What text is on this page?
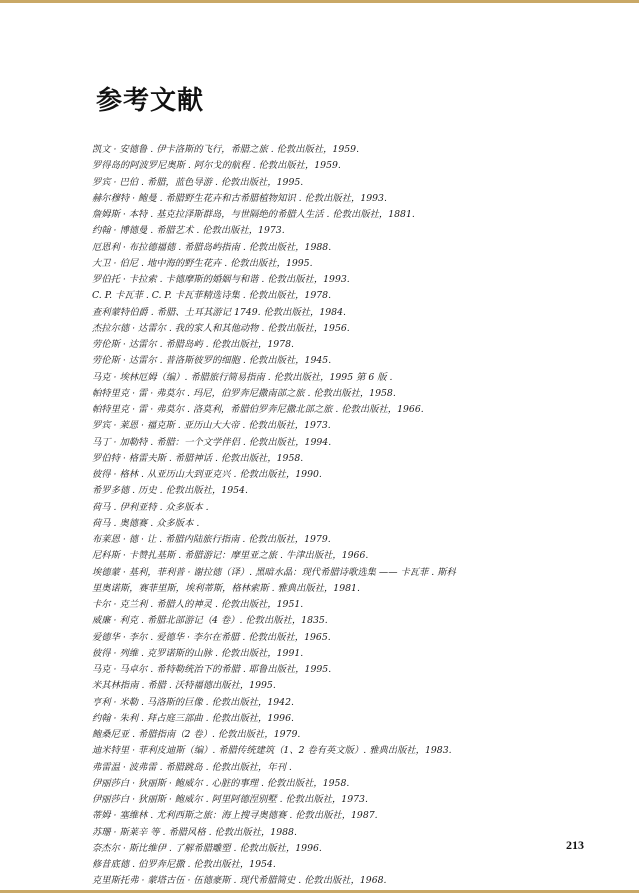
参考文献
凯文 · 安德鲁 . 伊卡洛斯的飞行，希腊之旅 . 伦敦出版社，1959.
罗得岛的阿波罗尼奥斯 . 阿尔戈的航程 . 伦敦出版社，1959.
罗宾 · 巴伯 . 希腊，蓝色导游 . 伦敦出版社，1995.
赫尔穆特 · 鲍曼 . 希腊野生花卉和古希腊植物知识 . 伦敦出版社，1993.
詹姆斯 · 本特 . 基克拉泽斯群岛，与世隔绝的希腊人生活 . 伦敦出版社，1881.
约翰 · 博德曼 . 希腊艺术 . 伦敦出版社，1973.
厄恩利 · 布拉德福德 . 希腊岛屿指南 . 伦敦出版社，1988.
大卫 · 伯尼 . 地中海的野生花卉 . 伦敦出版社，1995.
罗伯托 · 卡拉索 . 卡德摩斯的婚姻与和谐 . 伦敦出版社，1993.
C. P. 卡瓦菲 . C. P. 卡瓦菲精选诗集 . 伦敦出版社，1978.
查利蒙特伯爵 . 希腊、土耳其游记 1749. 伦敦出版社，1984.
杰拉尔德 · 达雷尔 . 我的家人和其他动物 . 伦敦出版社，1956.
劳伦斯 · 达雷尔 . 希腊岛屿 . 伦敦出版社，1978.
劳伦斯 · 达雷尔 . 普洛斯彼罗的细胞 . 伦敦出版社，1945.
马克 · 埃林厄姆（编）. 希腊旅行简易指南 . 伦敦出版社，1995 第 6 版 .
帕特里克 · 雷 · 弗莫尔 . 玛尼，伯罗奔尼撒南部之旅 . 伦敦出版社，1958.
帕特里克 · 雷 · 弗莫尔 . 洛莫利，希腊伯罗奔尼撒北部之旅 . 伦敦出版社，1966.
罗宾 · 莱恩 · 福克斯 . 亚历山大大帝 . 伦敦出版社，1973.
马丁 · 加勒特 . 希腊：一个文学伴侣 . 伦敦出版社，1994.
罗伯特 · 格雷夫斯 . 希腊神话 . 伦敦出版社，1958.
彼得 · 格林 . 从亚历山大到亚克兴 . 伦敦出版社，1990.
希罗多德 . 历史 . 伦敦出版社，1954.
荷马 . 伊利亚特 . 众多版本 .
荷马 . 奥德赛 . 众多版本 .
布莱恩 · 德 · 让 . 希腊内陆旅行指南 . 伦敦出版社，1979.
尼科斯 · 卡赞扎基斯 . 希腊游记：摩里亚之旅 . 牛津出版社，1966.
埃德蒙 · 基利，菲利普 · 谢拉德（译）. 黑暗水晶：现代希腊诗歌选集 —— 卡瓦菲 . 斯科
里奥诺斯，赛菲里斯，埃利蒂斯，格林索斯 . 雅典出版社，1981.
卡尔 · 克兰利 . 希腊人的神灵 . 伦敦出版社，1951.
威廉 · 利克 . 希腊北部游记（4 卷）. 伦敦出版社，1835.
爱德华 · 李尔 . 爱德华 · 李尔在希腊 . 伦敦出版社，1965.
彼得 · 列维 . 克罗诺斯的山脉 . 伦敦出版社，1991.
马克 · 马卓尔 . 希特勒统治下的希腊 . 耶鲁出版社，1995.
米其林指南 . 希腊 . 沃特福德出版社，1995.
亨利 · 米勒 . 马洛斯的巨像 . 伦敦出版社，1942.
约翰 · 朱利 . 拜占庭三部曲 . 伦敦出版社，1996.
鲍桑尼亚 . 希腊指南（2 卷）. 伦敦出版社，1979.
迪米特里 · 菲利皮迪斯（编）. 希腊传统建筑（1、2 卷有英文版）. 雅典出版社，1983.
弗雷温 · 波弗雷 . 希腊跳岛 . 伦敦出版社，年刊 .
伊丽莎白 · 狄丽斯 · 鲍威尔 . 心脏的事理 . 伦敦出版社，1958.
伊丽莎白 · 狄丽斯 · 鲍威尔 . 阿里阿德涅别墅 . 伦敦出版社，1973.
蒂姆 · 塞维林 . 尤利西斯之旅：海上搜寻奥德赛 . 伦敦出版社，1987.
苏珊 · 斯莱辛 等 . 希腊风格 . 伦敦出版社，1988.
奈杰尔 · 斯比维伊 . 了解希腊雕塑 . 伦敦出版社，1996.
修昔底德 . 伯罗奔尼撒 . 伦敦出版社，1954.
克里斯托弗 · 蒙塔古伍 · 伍德豪斯 . 现代希腊简史 . 伦敦出版社，1968.
213
